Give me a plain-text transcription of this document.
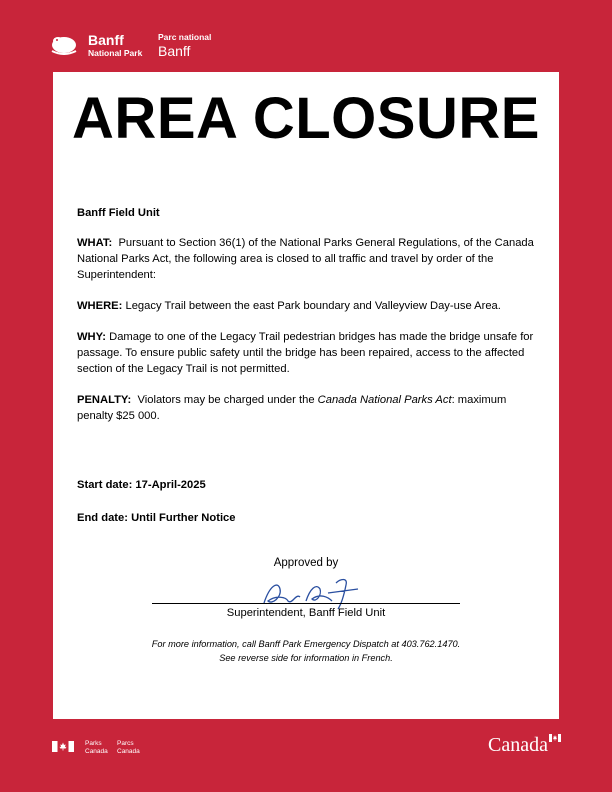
Banff
National Park
Parc national
Banff
AREA CLOSURE

Banff Field Unit

WHAT: Pursuant to Section 36(1) of the National Parks General Regulations, of the Canada National Parks Act, the following area is closed to all traffic and travel by order of the Superintendent:

WHERE: Legacy Trail between the east Park boundary and Valleyview Day-use Area.

WHY: Damage to one of the Legacy Trail pedestrian bridges has made the bridge unsafe for passage. To ensure public safety until the bridge has been repaired, access to the affected section of the Legacy Trail is not permitted.

PENALTY: Violators may be charged under the Canada National Parks Act: maximum penalty $25 000.

Start date: 17-April-2025
End date: Until Further Notice
Approved by
Superintendent, Banff Field Unit
For more information, call Banff Park Emergency Dispatch at 403.762.1470.
See reverse side for information in French.
Parks
Canada
Parcs
Canada	Canada
